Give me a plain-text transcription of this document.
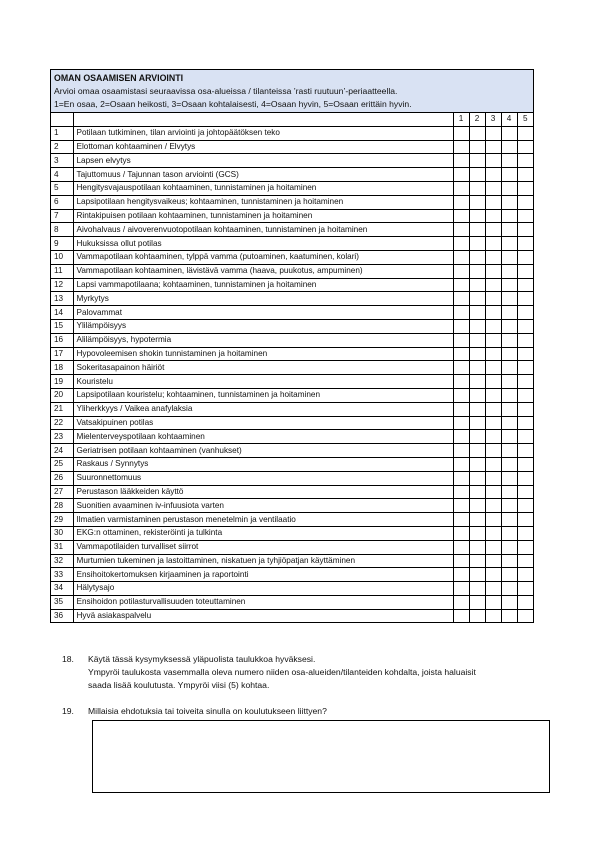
OMAN OSAAMISEN ARVIOINTI
Arvioi omaa osaamistasi seuraavissa osa-alueissa / tilanteissa ’rasti ruutuun’-periaatteella.
1=En osaa, 2=Osaan heikosti, 3=Osaan kohtalaisesti, 4=Osaan hyvin, 5=Osaan erittäin hyvin.
		1	2	3	4	5
1	Potilaan tutkiminen, tilan arviointi ja johtopäätöksen teko					
2	Elottoman kohtaaminen / Elvytys					
3	Lapsen elvytys					
4	Tajuttomuus / Tajunnan tason arviointi (GCS)					
5	Hengitysvajauspotilaan kohtaaminen, tunnistaminen ja hoitaminen					
6	Lapsipotilaan hengitysvaikeus; kohtaaminen, tunnistaminen ja hoitaminen					
7	Rintakipuisen potilaan kohtaaminen, tunnistaminen ja hoitaminen					
8	Aivohalvaus / aivoverenvuotopotilaan kohtaaminen, tunnistaminen ja hoitaminen					
9	Hukuksissa ollut potilas					
10	Vammapotilaan kohtaaminen, tylppä vamma (putoaminen, kaatuminen, kolari)					
11	Vammapotilaan kohtaaminen, lävistävä vamma (haava, puukotus, ampuminen)					
12	Lapsi vammapotilaana; kohtaaminen, tunnistaminen ja hoitaminen					
13	Myrkytys					
14	Palovammat					
15	Ylilämpöisyys					
16	Alilämpöisyys, hypotermia					
17	Hypovoleemisen shokin tunnistaminen ja hoitaminen					
18	Sokeritasapainon häiriöt					
19	Kouristelu					
20	Lapsipotilaan kouristelu; kohtaaminen, tunnistaminen ja hoitaminen					
21	Yliherkkyys / Vaikea anafylaksia					
22	Vatsakipuinen potilas					
23	Mielenterveyspotilaan kohtaaminen					
24	Geriatrisen potilaan kohtaaminen (vanhukset)					
25	Raskaus / Synnytys					
26	Suuronnettomuus					
27	Perustason lääkkeiden käyttö					
28	Suonitien avaaminen iv-infuusiota varten					
29	Ilmatien varmistaminen perustason menetelmin ja ventilaatio					
30	EKG:n ottaminen, rekisteröinti ja tulkinta					
31	Vammapotilaiden turvalliset siirrot					
32	Murtumien tukeminen ja lastoittaminen, niskatuen ja tyhjiöpatjan käyttäminen					
33	Ensihoitokertomuksen kirjaaminen ja raportointi					
34	Hälytysajo					
35	Ensihoidon potilasturvallisuuden toteuttaminen					
36	Hyvä asiakaspalvelu					
18.	Käytä tässä kysymyksessä yläpuolista taulukkoa hyväksesi.

Ympyröi taulukosta vasemmalla oleva numero niiden osa-alueiden/tilanteiden kohdalta, joista haluaisit

saada lisää koulutusta. Ympyröi viisi (5) kohtaa.

19.	Millaisia ehdotuksia tai toiveita sinulla on koulutukseen liittyen?
